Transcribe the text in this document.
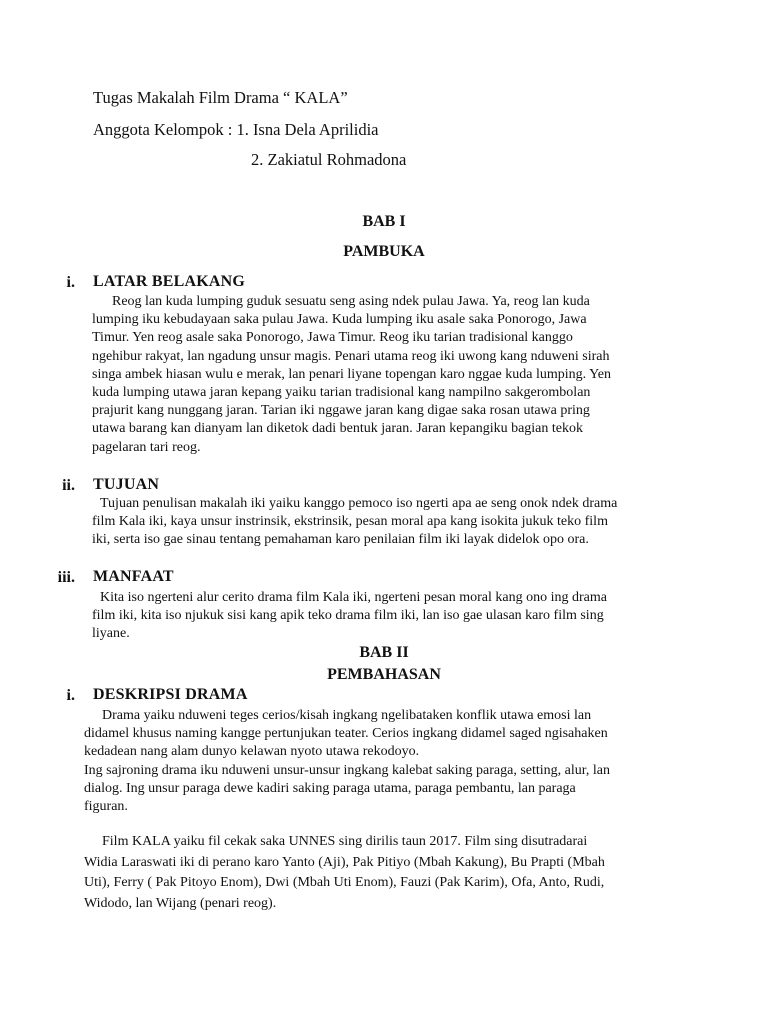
Tugas Makalah Film Drama “ KALA”
Anggota Kelompok : 1. Isna Dela Aprilidia
2. Zakiatul Rohmadona
BAB I
PAMBUKA
i. LATAR BELAKANG
Reog lan kuda lumping guduk sesuatu seng asing ndek pulau Jawa. Ya, reog lan kuda
lumping iku kebudayaan saka pulau Jawa. Kuda lumping iku asale saka Ponorogo, Jawa
Timur. Yen reog asale saka Ponorogo, Jawa Timur. Reog iku tarian tradisional kanggo
ngehibur rakyat, lan ngadung unsur magis. Penari utama reog iki uwong kang nduweni sirah
singa ambek hiasan wulu e merak, lan penari liyane topengan karo nggae kuda lumping. Yen
kuda lumping utawa jaran kepang yaiku tarian tradisional kang nampilno sakgerombolan
prajurit kang nunggang jaran. Tarian iki nggawe jaran kang digae saka rosan utawa pring
utawa barang kan dianyam lan diketok dadi bentuk jaran. Jaran kepangiku bagian tekok
pagelaran tari reog.
ii. TUJUAN
Tujuan penulisan makalah iki yaiku kanggo pemoco iso ngerti apa ae seng onok ndek drama
film Kala iki, kaya unsur instrinsik, ekstrinsik, pesan moral apa kang isokita jukuk teko film
iki, serta iso gae sinau tentang pemahaman karo penilaian film iki layak didelok opo ora.
iii. MANFAAT
Kita iso ngerteni alur cerito drama film Kala iki, ngerteni pesan moral kang ono ing drama
film iki, kita iso njukuk sisi kang apik teko drama film iki, lan iso gae ulasan karo film sing
liyane.
BAB II
PEMBAHASAN
i. DESKRIPSI DRAMA
Drama yaiku nduweni teges cerios/kisah ingkang ngelibataken konflik utawa emosi lan
didamel khusus naming kangge pertunjukan teater. Cerios ingkang didamel saged ngisahaken
kedadean nang alam dunyo kelawan nyoto utawa rekodoyo.
Ing sajroning drama iku nduweni unsur-unsur ingkang kalebat saking paraga, setting, alur, lan
dialog. Ing unsur paraga dewe kadiri saking paraga utama, paraga pembantu, lan paraga
figuran.
Film KALA yaiku fil cekak saka UNNES sing dirilis taun 2017. Film sing disutradarai
Widia Laraswati iki di perano karo Yanto (Aji), Pak Pitiyo (Mbah Kakung), Bu Prapti (Mbah
Uti), Ferry ( Pak Pitoyo Enom), Dwi (Mbah Uti Enom), Fauzi (Pak Karim), Ofa, Anto, Rudi,
Widodo, lan Wijang (penari reog).
